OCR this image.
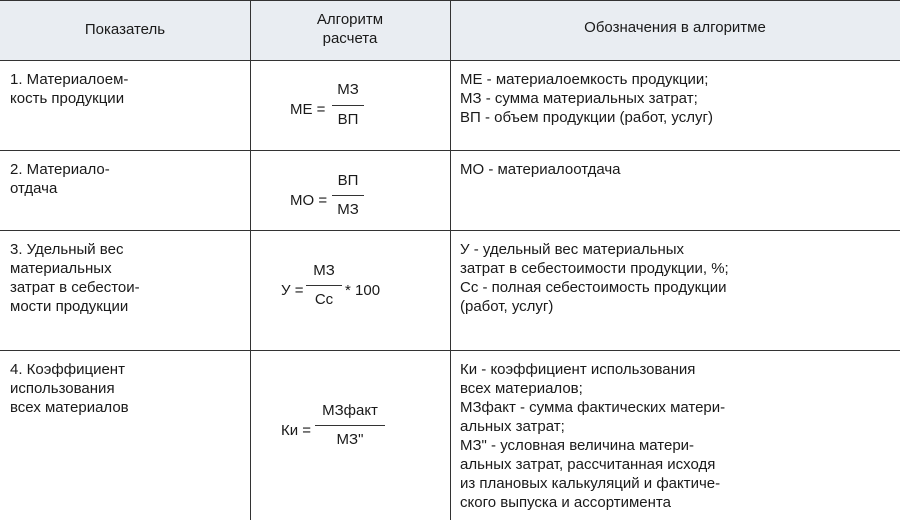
Показатель
Алгоритм
расчета
Обозначения в алгоритме
1. Материалоем-
кость продукции
МЕ =
МЗ
ВП
МЕ - материалоемкость продукции;
МЗ - сумма материальных затрат;
ВП - объем продукции (работ, услуг)
2. Материало-
отдача
МО =
ВП
МЗ
МО - материалоотдача
3. Удельный вес
материальных
затрат в себестои-
мости продукции
У =
МЗ
Сс
* 100
У - удельный вес материальных
затрат в себестоимости продукции, %;
Сс - полная себестоимость продукции
(работ, услуг)
4. Коэффициент
использования
всех материалов
Ки =
МЗфакт
МЗ"
Ки - коэффициент использования
всех материалов;
МЗфакт - сумма фактических матери-
альных затрат;
МЗ" - условная величина матери-
альных затрат, рассчитанная исходя
из плановых калькуляций и фактиче-
ского выпуска и ассортимента
